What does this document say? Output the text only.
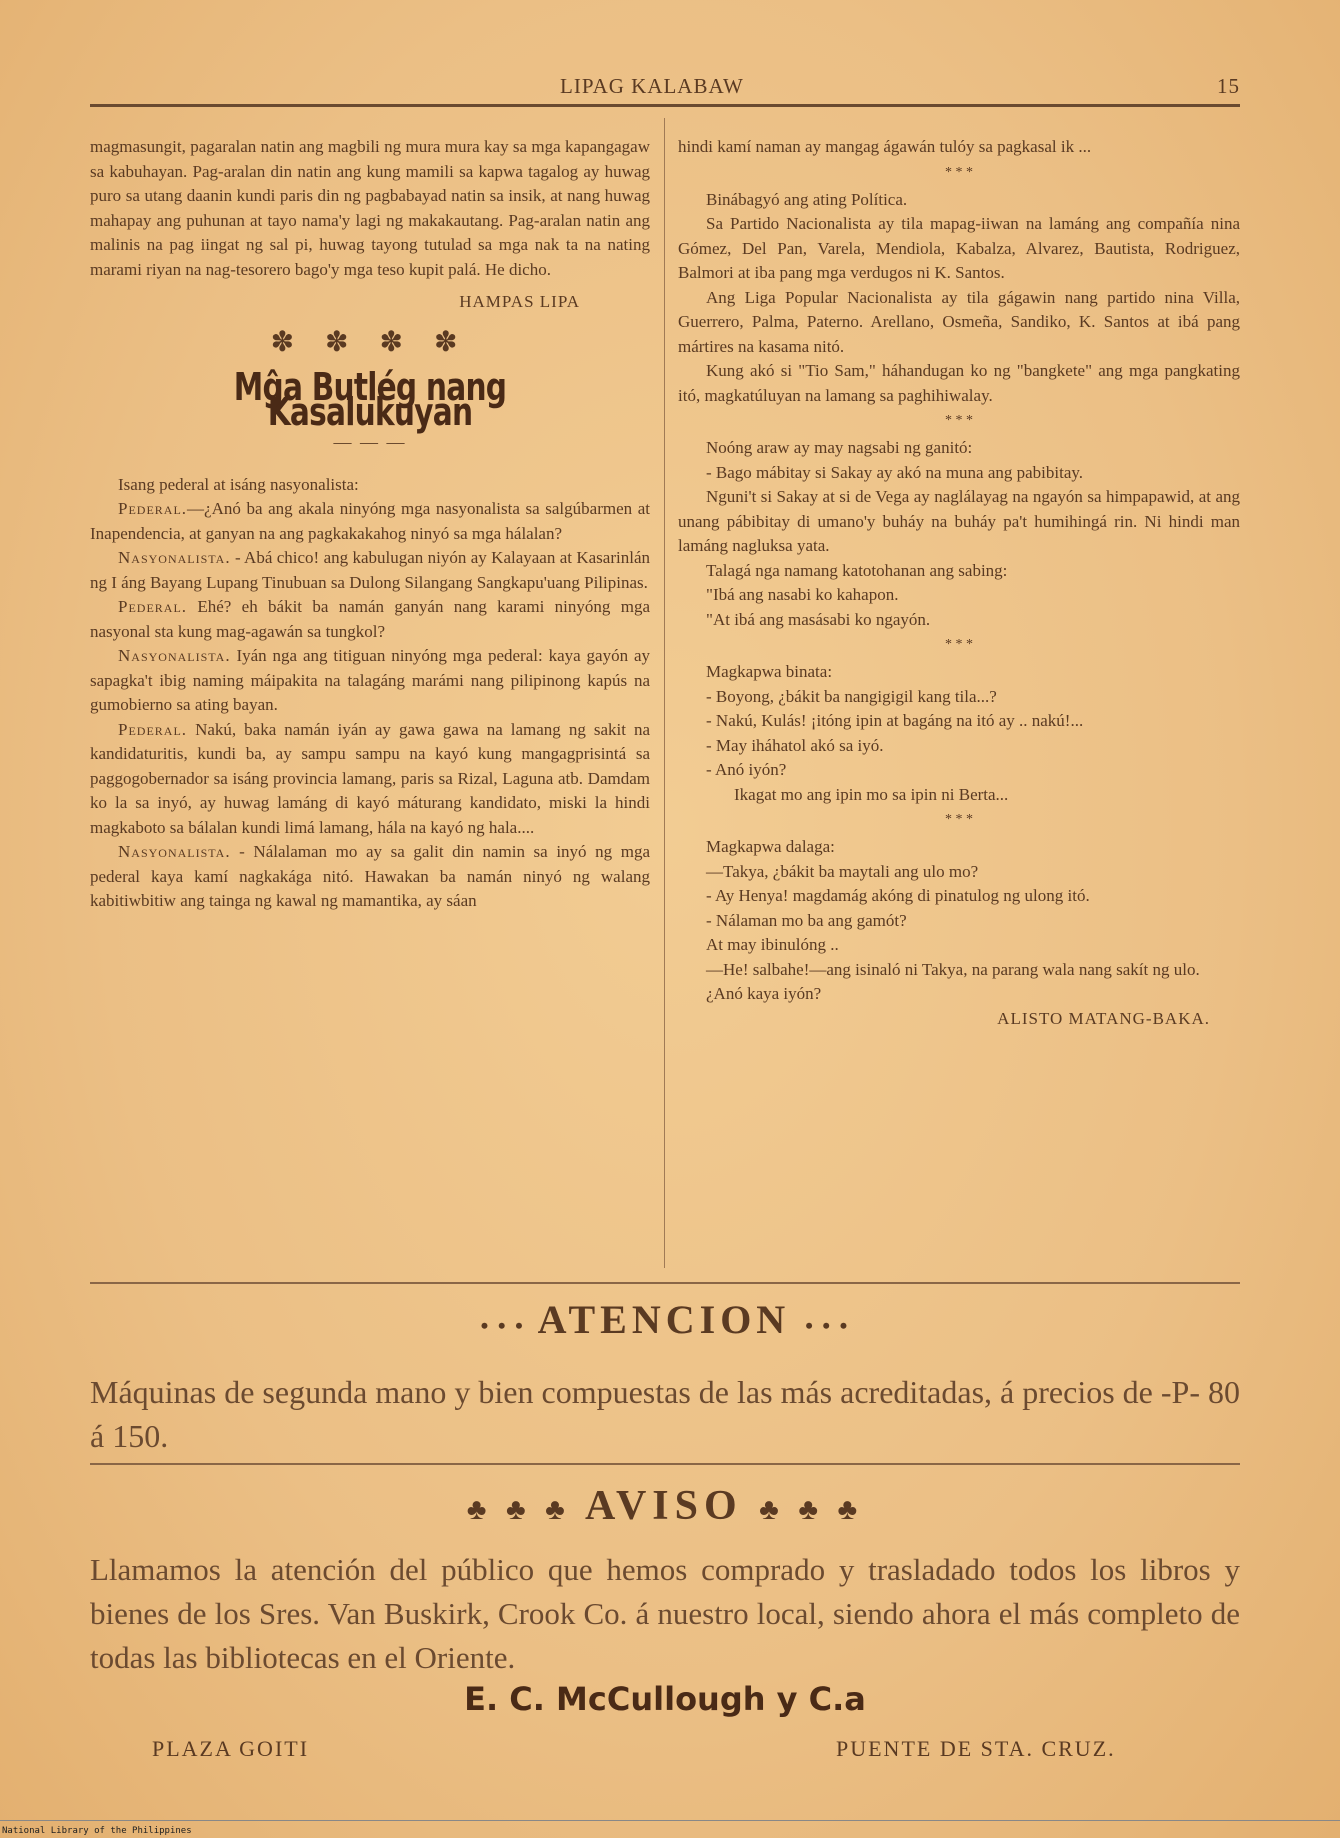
LIPAG KALABAW	15

magmasungit, pagaralan natin ang magbili ng mura mura kay sa mga kapangagaw sa kabuhayan. Pag-aralan din natin ang kung mamili sa kapwa tagalog ay huwag puro sa utang daanin kundi paris din ng pagbabayad natin sa insik, at nang huwag mahapay ang puhunan at tayo nama'y lagi ng makakautang. Pag-aralan natin ang malinis na pag iingat ng sal pi, huwag tayong tutulad sa mga nak ta na nating marami riyan na nag-tesorero bago'y mga teso kupit palá. He dicho.

HAMPAS LIPA

✽ ✽ ✽ ✽
Mĝa Butlég nang Kasalukuyan
— — —

Isang pederal at isáng nasyonalista:

Pederal.—¿Anó ba ang akala ninyóng mga nasyonalista sa salgúbarmen at Inapendencia, at ganyan na ang pagkakakahog ninyó sa mga hálalan?

Nasyonalista. - Abá chico! ang kabulugan niyón ay Kalayaan at Kasarinlán ng I áng Bayang Lupang Tinubuan sa Dulong Silangang Sangkapu'uang Pilipinas.

Pederal. Ehé? eh bákit ba namán ganyán nang karami ninyóng mga nasyonal sta kung mag-agawán sa tungkol?

Nasyonalista. Iyán nga ang titiguan ninyóng mga pederal: kaya gayón ay sapagka't ibig naming máipakita na talagáng marámi nang pilipinong kapús na gumobierno sa ating bayan.

Pederal. Nakú, baka namán iyán ay gawa gawa na lamang ng sakit na kandidaturitis, kundi ba, ay sampu sampu na kayó kung mangagprisintá sa paggogobernador sa isáng provincia lamang, paris sa Rizal, Laguna atb. Damdam ko la sa inyó, ay huwag lamáng di kayó máturang kandidato, miski la hindi magkaboto sa bálalan kundi limá lamang, hála na kayó ng hala....

Nasyonalista. - Nálalaman mo ay sa galit din namin sa inyó ng mga pederal kaya kamí nagkakága nitó. Hawakan ba namán ninyó ng walang kabitiwbitiw ang tainga ng kawal ng mamantika, ay sáan

hindi kamí naman ay mangag ágawán tulóy sa pagkasal ik ...

* * *

Binábagyó ang ating Política.

Sa Partido Nacionalista ay tila mapag-iiwan na lamáng ang compañía nina Gómez, Del Pan, Varela, Mendiola, Kabalza, Alvarez, Bautista, Rodriguez, Balmori at iba pang mga verdugos ni K. Santos.

Ang Liga Popular Nacionalista ay tila gágawin nang partido nina Villa, Guerrero, Palma, Paterno. Arellano, Osmeña, Sandiko, K. Santos at ibá pang mártires na kasama nitó.

Kung akó si "Tio Sam," háhandugan ko ng "bangkete" ang mga pangkating itó, magkatúluyan na lamang sa paghihiwalay.

* * *

Noóng araw ay may nagsabi ng ganitó:

- Bago mábitay si Sakay ay akó na muna ang pabibitay.

Nguni't si Sakay at si de Vega ay naglálayag na ngayón sa himpapawid, at ang unang pábibitay di umano'y buháy na buháy pa't humihingá rin. Ni hindi man lamáng nagluksa yata.

Talagá nga namang katotohanan ang sabing:

"Ibá ang nasabi ko kahapon.

"At ibá ang masásabi ko ngayón.

* * *

Magkapwa binata:

- Boyong, ¿bákit ba nangigigil kang tila...?

- Nakú, Kulás! ¡itóng ipin at bagáng na itó ay .. nakú!...

- May iháhatol akó sa iyó.

- Anó iyón?

Ikagat mo ang ipin mo sa ipin ni Berta...

* * *

Magkapwa dalaga:

—Takya, ¿bákit ba maytali ang ulo mo?

- Ay Henya! magdamág akóng di pinatulog ng ulong itó.

- Nálaman mo ba ang gamót?

At may ibinulóng ..

—He! salbahe!—ang isinaló ni Takya, na parang wala nang sakít ng ulo.

¿Anó kaya iyón?

ALISTO MATANG-BAKA.

• • • ATENCION • • •
Máquinas de segunda mano y bien compuestas de las más acreditadas, á precios de -P- 80 á 150.
♣ ♣ ♣ AVISO ♣ ♣ ♣
Llamamos la atención del público que hemos comprado y trasladado todos los libros y bienes de los Sres. Van Buskirk, Crook Co. á nuestro local, siendo ahora el más completo de todas las bibliotecas en el Oriente.
E. C. McCullough y C.a
PLAZA GOITI	PUENTE DE STA. CRUZ.
National Library of the Philippines
